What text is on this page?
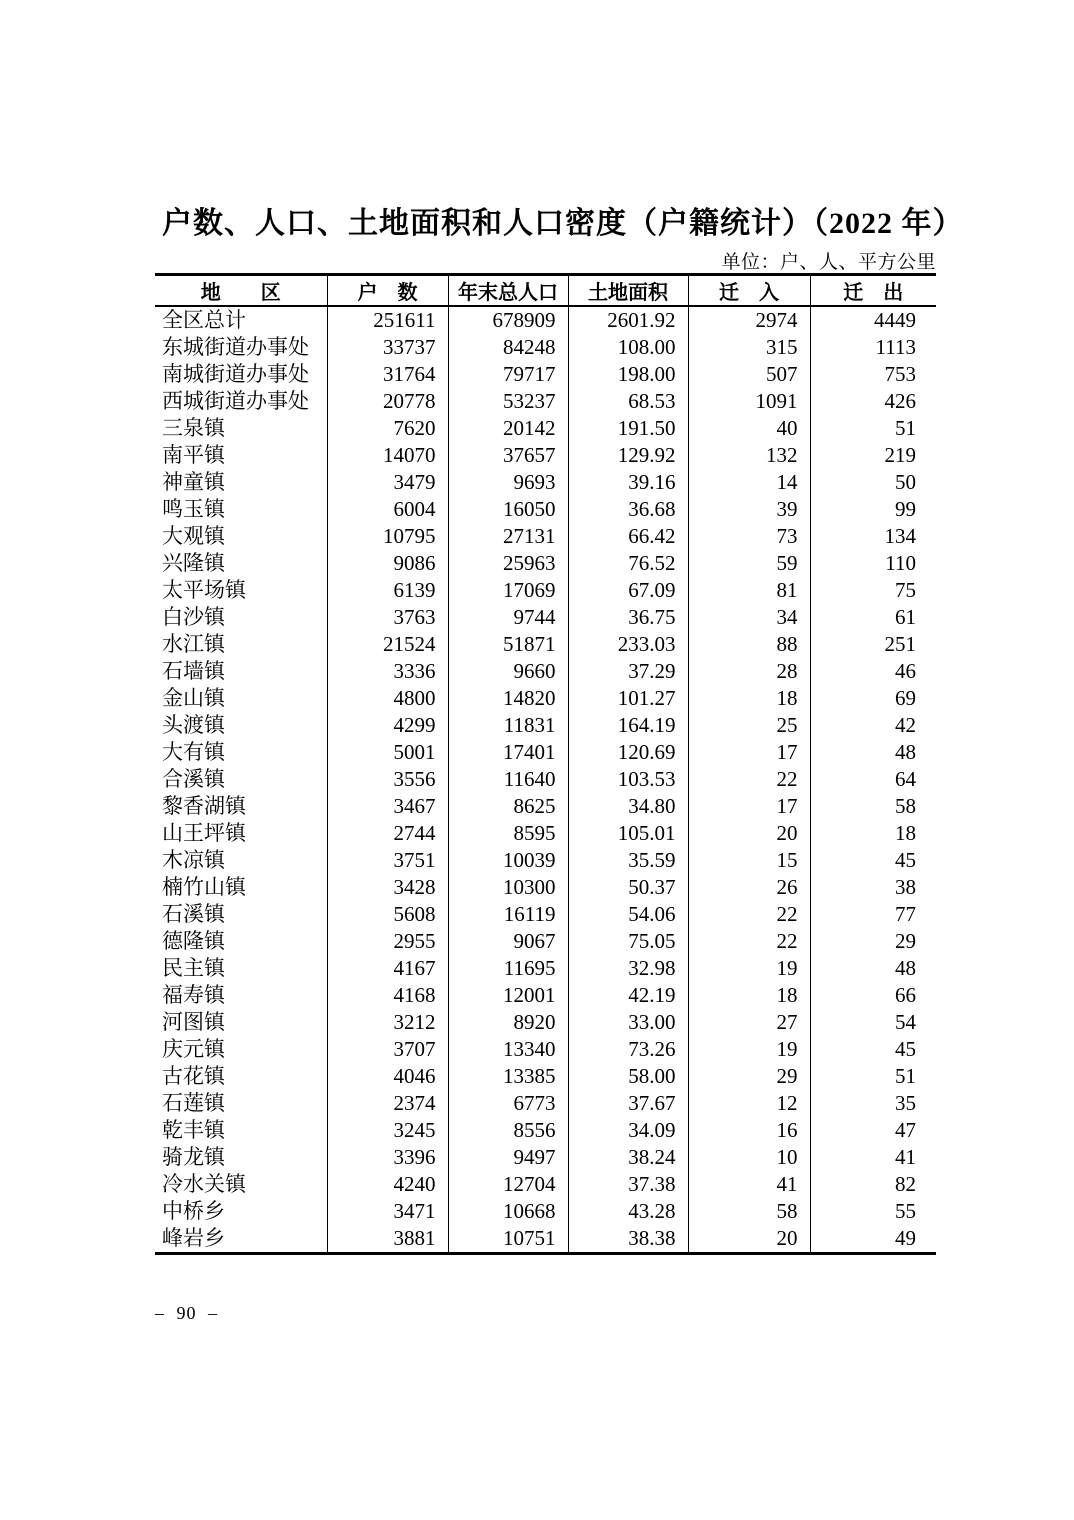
户数、人口、土地面积和人口密度（户籍统计）（2022 年）
单位：户、人、平方公里
地　　区	户　数	年末总人口	土地面积	迁　入	迁　出
全区总计	251611	678909	2601.92	2974	4449
东城街道办事处	33737	84248	108.00	315	1113
南城街道办事处	31764	79717	198.00	507	753
西城街道办事处	20778	53237	68.53	1091	426
三泉镇	7620	20142	191.50	40	51
南平镇	14070	37657	129.92	132	219
神童镇	3479	9693	39.16	14	50
鸣玉镇	6004	16050	36.68	39	99
大观镇	10795	27131	66.42	73	134
兴隆镇	9086	25963	76.52	59	110
太平场镇	6139	17069	67.09	81	75
白沙镇	3763	9744	36.75	34	61
水江镇	21524	51871	233.03	88	251
石墙镇	3336	9660	37.29	28	46
金山镇	4800	14820	101.27	18	69
头渡镇	4299	11831	164.19	25	42
大有镇	5001	17401	120.69	17	48
合溪镇	3556	11640	103.53	22	64
黎香湖镇	3467	8625	34.80	17	58
山王坪镇	2744	8595	105.01	20	18
木凉镇	3751	10039	35.59	15	45
楠竹山镇	3428	10300	50.37	26	38
石溪镇	5608	16119	54.06	22	77
德隆镇	2955	9067	75.05	22	29
民主镇	4167	11695	32.98	19	48
福寿镇	4168	12001	42.19	18	66
河图镇	3212	8920	33.00	27	54
庆元镇	3707	13340	73.26	19	45
古花镇	4046	13385	58.00	29	51
石莲镇	2374	6773	37.67	12	35
乾丰镇	3245	8556	34.09	16	47
骑龙镇	3396	9497	38.24	10	41
冷水关镇	4240	12704	37.38	41	82
中桥乡	3471	10668	43.28	58	55
峰岩乡	3881	10751	38.38	20	49
– 90 –
